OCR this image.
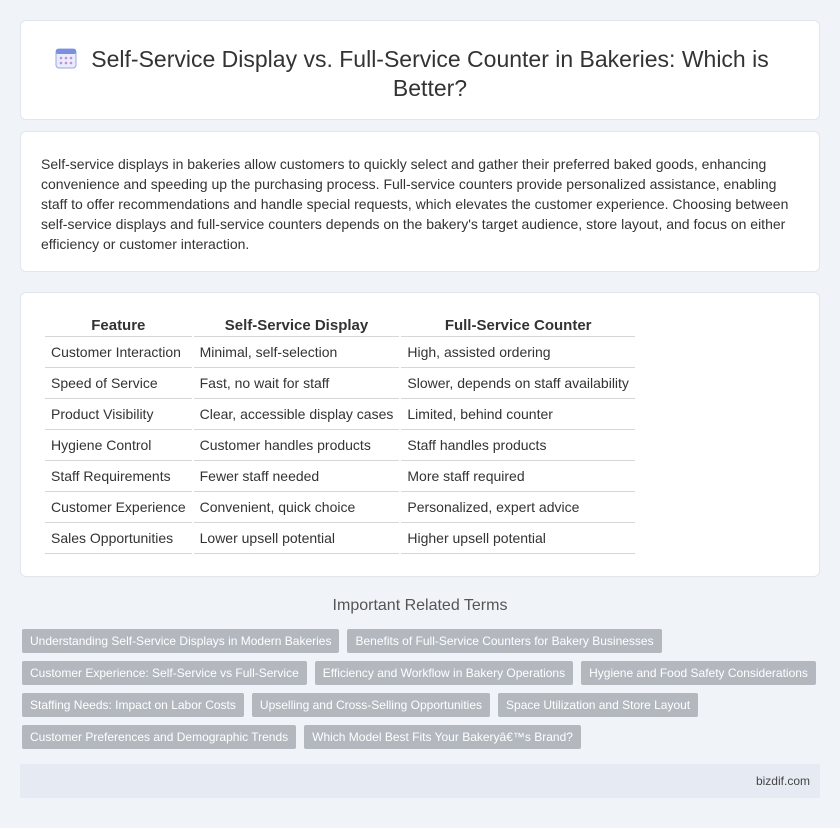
Self-Service Display vs. Full-Service Counter in Bakeries: Which is Better?

Self-service displays in bakeries allow customers to quickly select and gather their preferred baked goods, enhancing convenience and speeding up the purchasing process. Full-service counters provide personalized assistance, enabling staff to offer recommendations and handle special requests, which elevates the customer experience. Choosing between self-service displays and full-service counters depends on the bakery's target audience, store layout, and focus on either efficiency or customer interaction.

Feature	Self-Service Display	Full-Service Counter
Customer Interaction	Minimal, self-selection	High, assisted ordering
Speed of Service	Fast, no wait for staff	Slower, depends on staff availability
Product Visibility	Clear, accessible display cases	Limited, behind counter
Hygiene Control	Customer handles products	Staff handles products
Staff Requirements	Fewer staff needed	More staff required
Customer Experience	Convenient, quick choice	Personalized, expert advice
Sales Opportunities	Lower upsell potential	Higher upsell potential
Important Related Terms
Understanding Self-Service Displays in Modern Bakeries	Benefits of Full-Service Counters for Bakery Businesses
Customer Experience: Self-Service vs Full-Service	Efficiency and Workflow in Bakery Operations	Hygiene and Food Safety Considerations
Staffing Needs: Impact on Labor Costs	Upselling and Cross-Selling Opportunities	Space Utilization and Store Layout
Customer Preferences and Demographic Trends	Which Model Best Fits Your Bakeryâ€™s Brand?
bizdif.com
